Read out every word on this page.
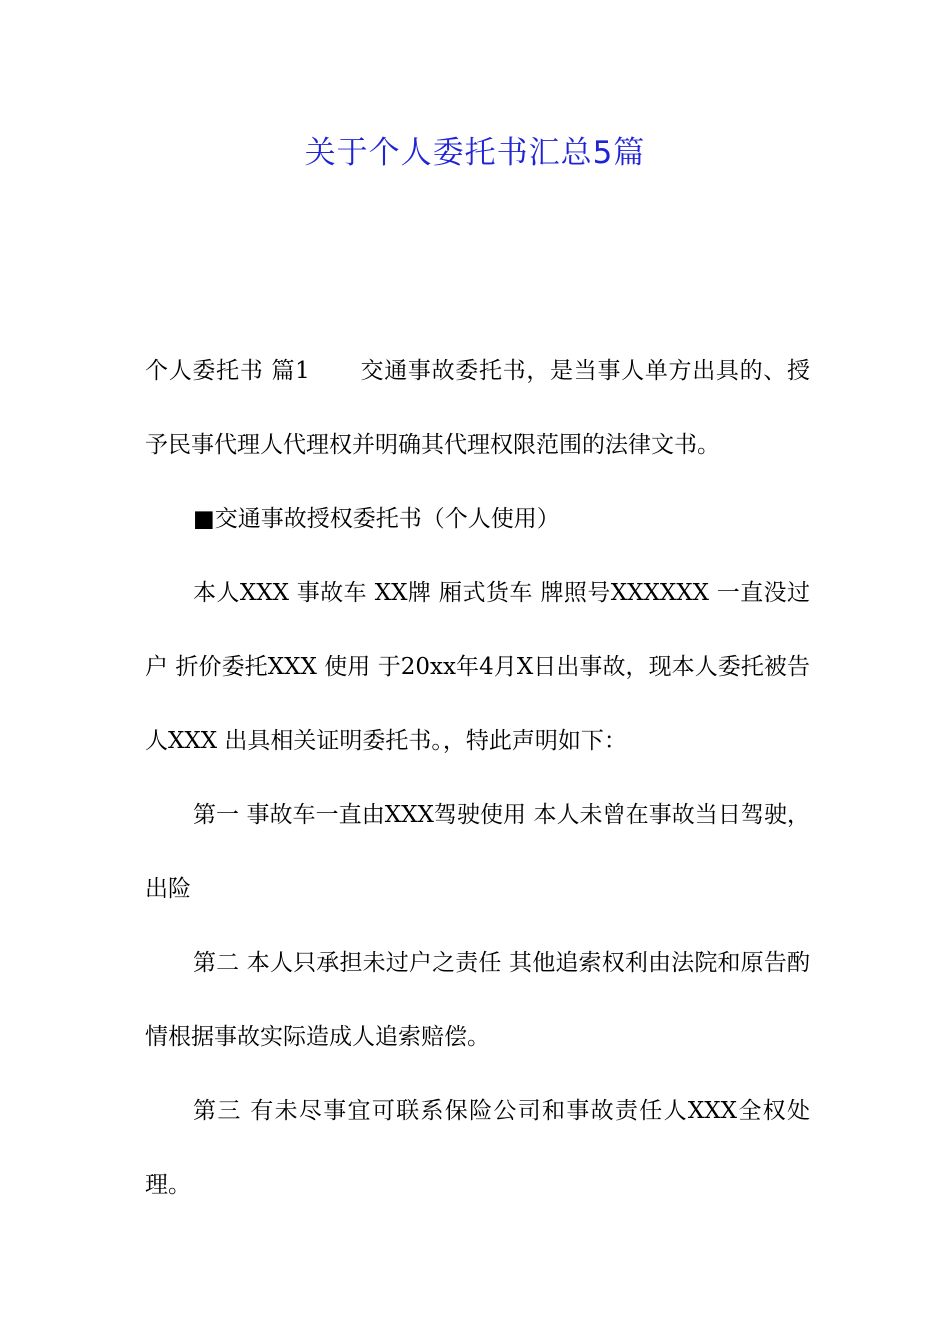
关于个人委托书汇总5篇

个人委托书 篇1 交通事故委托书，是当事人单方出具的、授予民事代理人代理权并明确其代理权限范围的法律文书。

■交通事故授权委托书（个人使用）

本人XXX 事故车 XX牌 厢式货车 牌照号XXXXXX 一直没过户 折价委托XXX 使用 于20xx年4月X日出事故，现本人委托被告人XXX 出具相关证明委托书。，特此声明如下：

第一 事故车一直由XXX驾驶使用 本人未曾在事故当日驾驶，出险

第二 本人只承担未过户之责任 其他追索权利由法院和原告酌情根据事故实际造成人追索赔偿。

第三 有未尽事宜可联系保险公司和事故责任人XXX全权处理。
